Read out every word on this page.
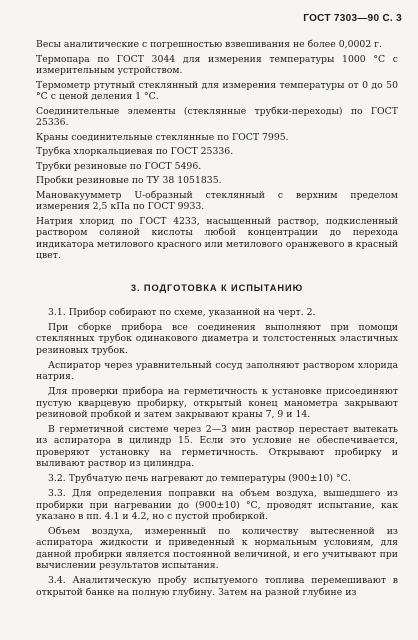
ГОСТ 7303—90 С. 3

Весы аналитические с погрешностью взвешивания не более 0,0002 г.

Термопара по ГОСТ 3044 для измерения температуры 1000 °С с измерительным устройством.

Термометр ртутный стеклянный для измерения температуры от 0 до 50 °С с ценой деления 1 °С.

Соединительные элементы (стеклянные трубки-переходы) по ГОСТ 25336.

Краны соединительные стеклянные по ГОСТ 7995.

Трубка хлоркальциевая по ГОСТ 25336.

Трубки резиновые по ГОСТ 5496.

Пробки резиновые по ТУ 38 1051835.

Мановакуумметр U-образный стеклянный с верхним пределом измерения 2,5 кПа по ГОСТ 9933.

Натрия хлорид по ГОСТ 4233, насыщенный раствор, подкисленный раствором соляной кислоты любой концентрации до перехода индикатора метилового красного или метилового оранжевого в красный цвет.

3. ПОДГОТОВКА К ИСПЫТАНИЮ

3.1. Прибор собирают по схеме, указанной на черт. 2.

При сборке прибора все соединения выполняют при помощи стеклянных трубок одинакового диаметра и толстостенных эластичных резиновых трубок.

Аспиратор через уравнительный сосуд заполняют раствором хлорида натрия.

Для проверки прибора на герметичность к установке присоединяют пустую кварцевую пробирку, открытый конец манометра закрывают резиновой пробкой и затем закрывают краны 7, 9 и 14.

В герметичной системе через 2—3 мин раствор перестает вытекать из аспиратора в цилиндр 15. Если это условие не обеспечивается, проверяют установку на герметичность. Открывают пробирку и выливают раствор из цилиндра.

3.2. Трубчатую печь нагревают до температуры (900±10) °С.

3.3. Для определения поправки на объем воздуха, вышедшего из пробирки при нагревании до (900±10) °С, проводят испытание, как указано в пп. 4.1 и 4.2, но с пустой пробиркой.

Объем воздуха, измеренный по количеству вытесненной из аспиратора жидкости и приведенный к нормальным условиям, для данной пробирки является постоянной величиной, и его учитывают при вычислении результатов испытания.

3.4. Аналитическую пробу испытуемого топлива перемешивают в открытой банке на полную глубину. Затем на разной глубине из
